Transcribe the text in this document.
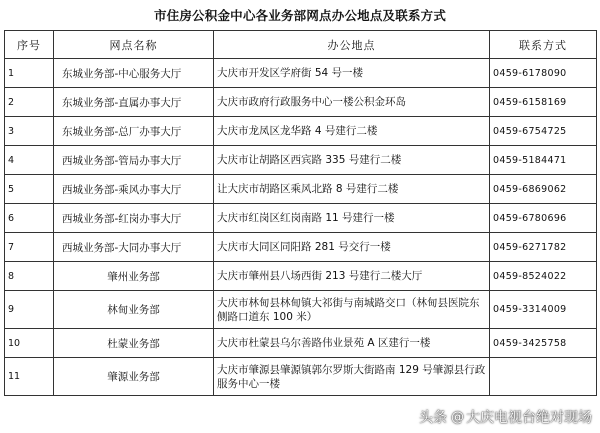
市住房公积金中心各业务部网点办公地点及联系方式
序号	网点名称	办公地点	联系方式
1	东城业务部-中心服务大厅	大庆市开发区学府街 54 号一楼	0459-6178090
2	东城业务部-直属办事大厅	大庆市政府行政服务中心一楼公积金环岛	0459-6158169
3	东城业务部-总厂办事大厅	大庆市龙凤区龙华路 4 号建行二楼	0459-6754725
4	西城业务部-管局办事大厅	大庆市让胡路区西宾路 335 号建行二楼	0459-5184471
5	西城业务部-乘风办事大厅	让大庆市胡路区乘风北路 8 号建行二楼	0459-6869062
6	西城业务部-红岗办事大厅	大庆市红岗区红岗南路 11 号建行一楼	0459-6780696
7	西城业务部-大同办事大厅	大庆市大同区同阳路 281 号交行一楼	0459-6271782
8	肇州业务部	大庆市肇州县八场西街 213 号建行二楼大厅	0459-8524022
9	林甸业务部	大庆市林甸县林甸镇大祁街与南城路交口（林甸县医院东侧路口道东 100 米）	0459-3314009
10	杜蒙业务部	大庆市杜蒙县乌尔善路伟业景苑 A 区建行一楼	0459-3425758
11	肇源业务部	大庆市肇源县肇源镇郭尔罗斯大街路南 129 号肇源县行政服务中心一楼	
头条 @ 大庆电视台绝对现场
